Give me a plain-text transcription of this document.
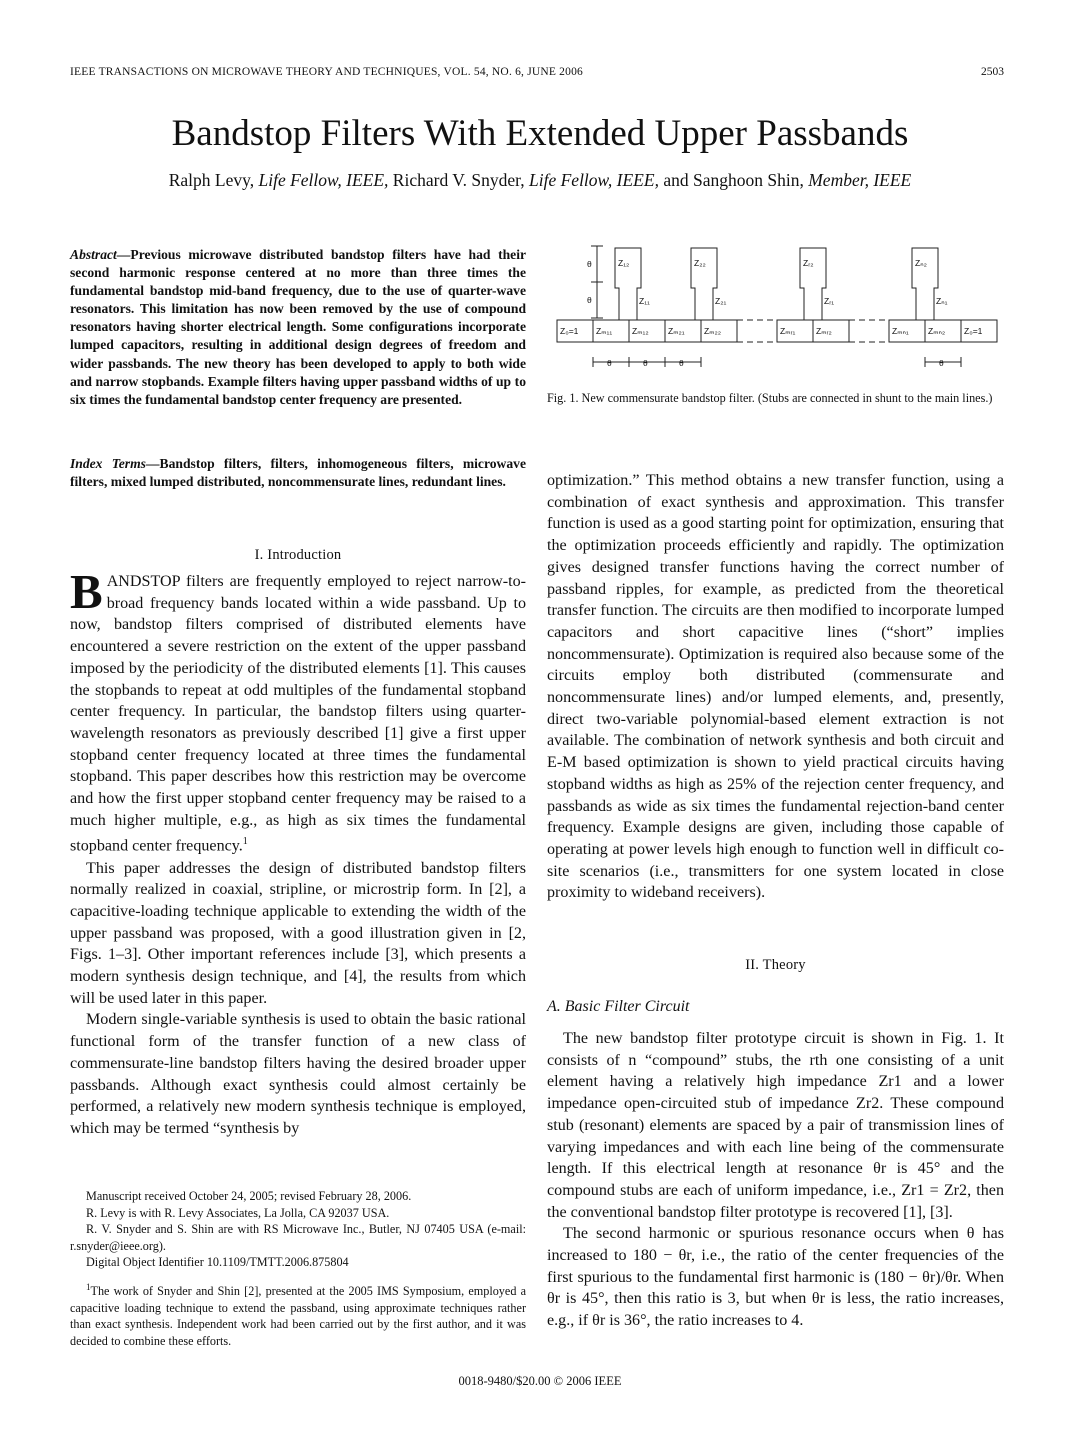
IEEE TRANSACTIONS ON MICROWAVE THEORY AND TECHNIQUES, VOL. 54, NO. 6, JUNE 2006	2503
Bandstop Filters With Extended Upper Passbands
Ralph Levy, Life Fellow, IEEE, Richard V. Snyder, Life Fellow, IEEE, and Sanghoon Shin, Member, IEEE
Abstract—Previous microwave distributed bandstop filters have had their second harmonic response centered at no more than three times the fundamental bandstop mid-band frequency, due to the use of quarter-wave resonators. This limitation has now been removed by the use of compound resonators having shorter electrical length. Some configurations incorporate lumped capacitors, resulting in additional design degrees of freedom and wider passbands. The new theory has been developed to apply to both wide and narrow stopbands. Example filters having upper passband widths of up to six times the fundamental bandstop center frequency are presented.
Index Terms—Bandstop filters, filters, inhomogeneous filters, microwave filters, mixed lumped distributed, noncommensurate lines, redundant lines.
I. Introduction

BANDSTOP filters are frequently employed to reject narrow-to-broad frequency bands located within a wide passband. Up to now, bandstop filters comprised of distributed elements have encountered a severe restriction on the extent of the upper passband imposed by the periodicity of the distributed elements [1]. This causes the stopbands to repeat at odd multiples of the fundamental stopband center frequency. In particular, the bandstop filters using quarter-wavelength resonators as previously described [1] give a first upper stopband center frequency located at three times the fundamental stopband. This paper describes how this restriction may be overcome and how the first upper stopband center frequency may be raised to a much higher multiple, e.g., as high as six times the fundamental stopband center frequency.$^1$

This paper addresses the design of distributed bandstop filters normally realized in coaxial, stripline, or microstrip form. In [2], a capacitive-loading technique applicable to extending the width of the upper passband was proposed, with a good illustration given in [2, Figs. 1–3]. Other important references include [3], which presents a modern synthesis design technique, and [4], the results from which will be used later in this paper.

Modern single-variable synthesis is used to obtain the basic rational functional form of the transfer function of a new class of commensurate-line bandstop filters having the desired broader upper passbands. Although exact synthesis could almost certainly be performed, a relatively new modern synthesis technique is employed, which may be termed “synthesis by

Manuscript received October 24, 2005; revised February 28, 2006.

R. Levy is with R. Levy Associates, La Jolla, CA 92037 USA.

R. V. Snyder and S. Shin are with RS Microwave Inc., Butler, NJ 07405 USA (e-mail: r.snyder@ieee.org).

Digital Object Identifier 10.1109/TMTT.2006.875804

$^1$The work of Snyder and Shin [2], presented at the 2005 IMS Symposium, employed a capacitive loading technique to extend the passband, using approximate techniques rather than exact synthesis. Independent work had been carried out by the first author, and it was decided to combine these efforts.

θ
θ
θ	θ	θ	θ
Z₀=1	Z₀=1
Zₘ₁₁ Zₘ₁₂ Zₘ₂₁ Zₘ₂₂	Zₘᵣ₁ Zₘᵣ₂	Zₘₙ₁ Zₘₙ₂
Z₁₂	Z₂₂	Zᵣ₂	Zₙ₂
Z₁₁	Z₂₁	Zᵣ₁	Zₙ₁
Fig. 1. New commensurate bandstop filter. (Stubs are connected in shunt to the main lines.)

optimization.” This method obtains a new transfer function, using a combination of exact synthesis and approximation. This transfer function is used as a good starting point for optimization, ensuring that the optimization proceeds efficiently and rapidly. The optimization gives designed transfer functions having the correct number of passband ripples, for example, as predicted from the theoretical transfer function. The circuits are then modified to incorporate lumped capacitors and short capacitive lines (“short” implies noncommensurate). Optimization is required also because some of the circuits employ both distributed (commensurate and noncommensurate lines) and/or lumped elements, and, presently, direct two-variable polynomial-based element extraction is not available. The combination of network synthesis and both circuit and E-M based optimization is shown to yield practical circuits having stopband widths as high as 25% of the rejection center frequency, and passbands as wide as six times the fundamental rejection-band center frequency. Example designs are given, including those capable of operating at power levels high enough to function well in difficult co-site scenarios (i.e., transmitters for one system located in close proximity to wideband receivers).

II. Theory
A. Basic Filter Circuit

The new bandstop filter prototype circuit is shown in Fig. 1. It consists of n “compound” stubs, the rth one consisting of a unit element having a relatively high impedance Zr1 and a lower impedance open-circuited stub of impedance Zr2. These compound stub (resonant) elements are spaced by a pair of transmission lines of varying impedances and with each line being of the commensurate length. If this electrical length at resonance θr is 45° and the compound stubs are each of uniform impedance, i.e., Zr1 = Zr2, then the conventional bandstop filter prototype is recovered [1], [3].

The second harmonic or spurious resonance occurs when θ has increased to 180 − θr, i.e., the ratio of the center frequencies of the first spurious to the fundamental first harmonic is (180 − θr)/θr. When θr is 45°, then this ratio is 3, but when θr is less, the ratio increases, e.g., if θr is 36°, the ratio increases to 4.

0018-9480/$20.00 © 2006 IEEE
